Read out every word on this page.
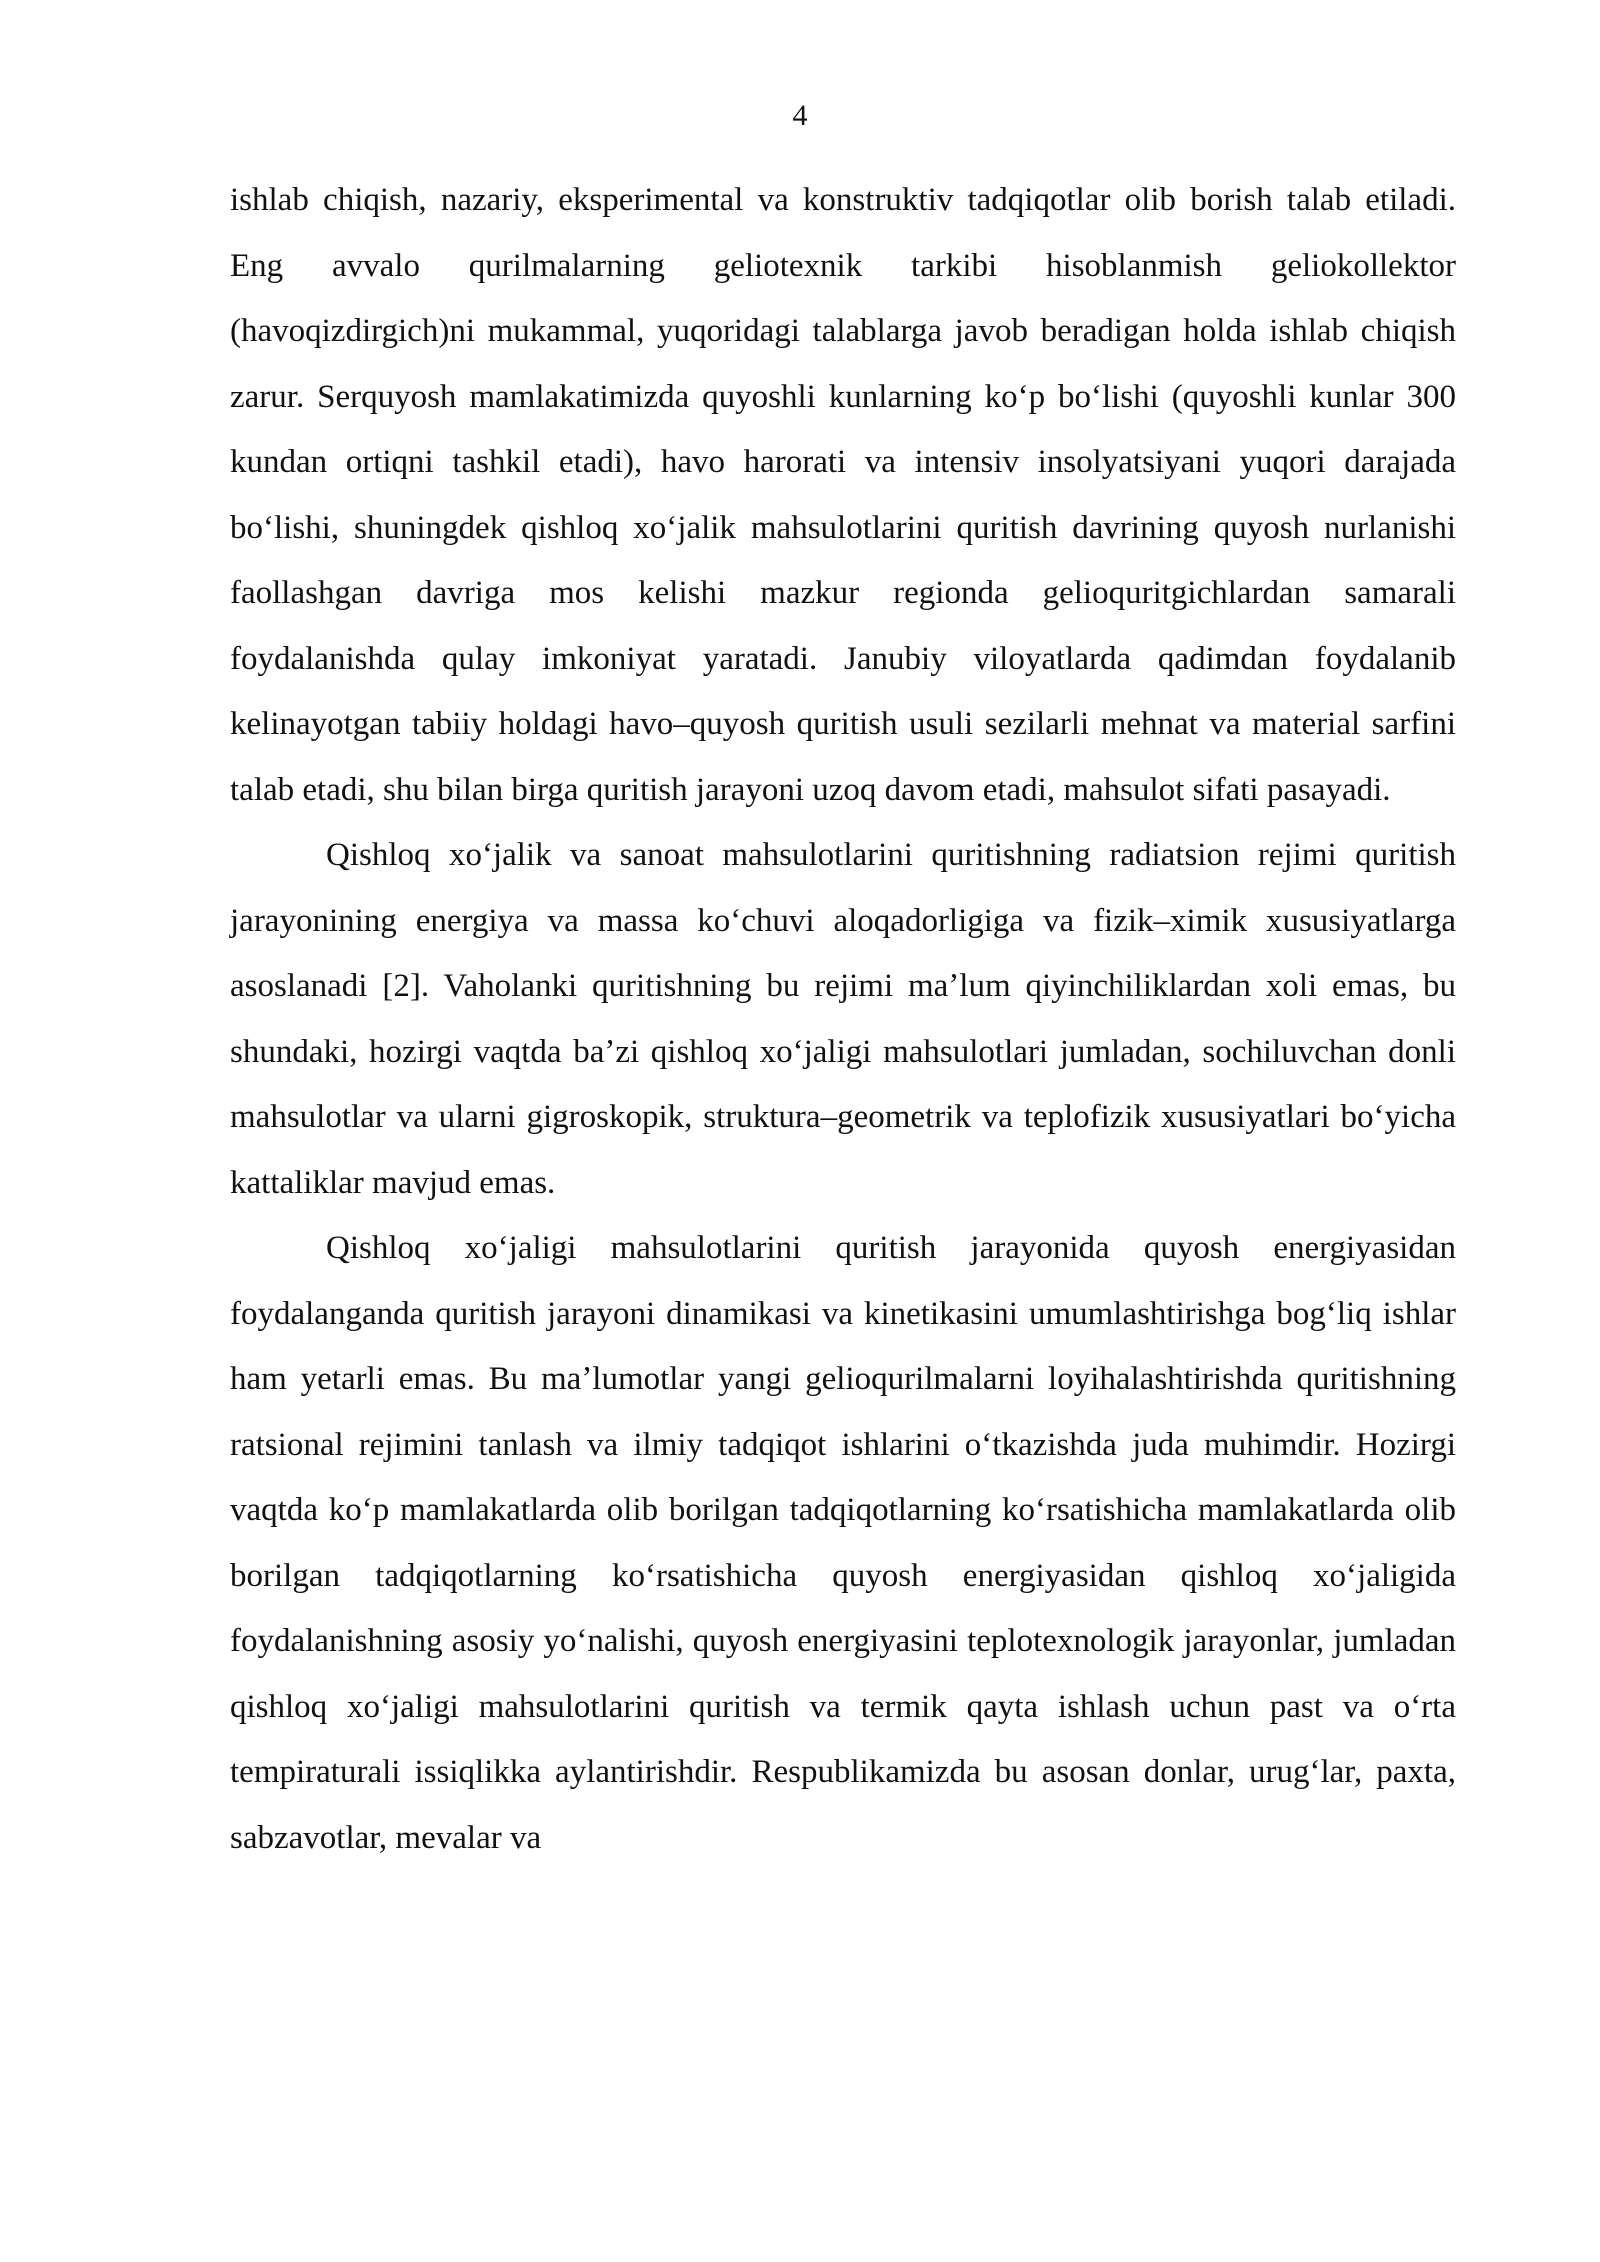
4

ishlab chiqish, nazariy, eksperimental va konstruktiv tadqiqotlar olib borish talab etiladi. Eng avvalo qurilmalarning geliotexnik tarkibi hisoblanmish geliokollektor (havoqizdirgich)ni mukammal, yuqoridagi talablarga javob beradigan holda ishlab chiqish zarur. Serquyosh mamlakatimizda quyoshli kunlarning koʻp boʻlishi (quyoshli kunlar 300 kundan ortiqni tashkil etadi), havo harorati va intensiv insolyatsiyani yuqori darajada boʻlishi, shuningdek qishloq xoʻjalik mahsulotlarini quritish davrining quyosh nurlanishi faollashgan davriga mos kelishi mazkur regionda gelioquritgichlardan samarali foydalanishda qulay imkoniyat yaratadi. Janubiy viloyatlarda qadimdan foydalanib kelinayotgan tabiiy holdagi havo–quyosh quritish usuli sezilarli mehnat va material sarfini talab etadi, shu bilan birga quritish jarayoni uzoq davom etadi, mahsulot sifati pasayadi.

Qishloq xoʻjalik va sanoat mahsulotlarini quritishning radiatsion rejimi quritish jarayonining energiya va massa koʻchuvi aloqadorligiga va fizik–ximik xususiyatlarga asoslanadi [2]. Vaholanki quritishning bu rejimi maʼlum qiyinchiliklardan xoli emas, bu shundaki, hozirgi vaqtda baʼzi qishloq xoʻjaligi mahsulotlari jumladan, sochiluvchan donli mahsulotlar va ularni gigroskopik, struktura–geometrik va teplofizik xususiyatlari boʻyicha kattaliklar mavjud emas.

Qishloq xoʻjaligi mahsulotlarini quritish jarayonida quyosh energiyasidan foydalanganda quritish jarayoni dinamikasi va kinetikasini umumlashtirishga bogʻliq ishlar ham yetarli emas. Bu maʼlumotlar yangi gelioqurilmalarni loyihalashtirishda quritishning ratsional rejimini tanlash va ilmiy tadqiqot ishlarini oʻtkazishda juda muhimdir. Hozirgi vaqtda koʻp mamlakatlarda olib borilgan tadqiqotlarning koʻrsatishicha mamlakatlarda olib borilgan tadqiqotlarning koʻrsatishicha quyosh energiyasidan qishloq xoʻjaligida foydalanishning asosiy yoʻnalishi, quyosh energiyasini teplotexnologik jarayonlar, jumladan qishloq xoʻjaligi mahsulotlarini quritish va termik qayta ishlash uchun past va oʻrta tempiraturali issiqlikka aylantirishdir. Respublikamizda bu asosan donlar, urugʻlar, paxta, sabzavotlar, mevalar va
